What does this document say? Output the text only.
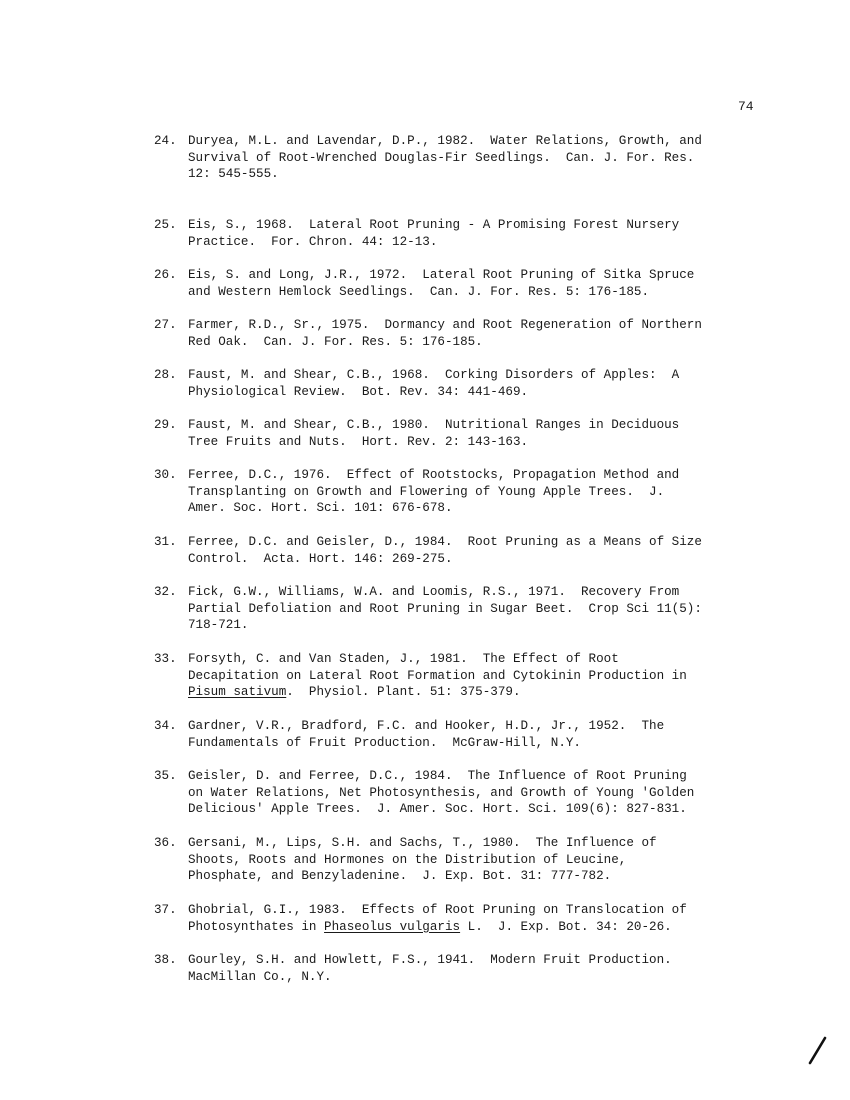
74
24. Duryea, M.L. and Lavendar, D.P., 1982.  Water Relations, Growth, and
Survival of Root-Wrenched Douglas-Fir Seedlings.  Can. J. For. Res.
12: 545-555.
25. Eis, S., 1968.  Lateral Root Pruning - A Promising Forest Nursery
Practice.  For. Chron. 44: 12-13.
26. Eis, S. and Long, J.R., 1972.  Lateral Root Pruning of Sitka Spruce
and Western Hemlock Seedlings.  Can. J. For. Res. 5: 176-185.
27. Farmer, R.D., Sr., 1975.  Dormancy and Root Regeneration of Northern
Red Oak.  Can. J. For. Res. 5: 176-185.
28. Faust, M. and Shear, C.B., 1968.  Corking Disorders of Apples:  A
Physiological Review.  Bot. Rev. 34: 441-469.
29. Faust, M. and Shear, C.B., 1980.  Nutritional Ranges in Deciduous
Tree Fruits and Nuts.  Hort. Rev. 2: 143-163.
30. Ferree, D.C., 1976.  Effect of Rootstocks, Propagation Method and
Transplanting on Growth and Flowering of Young Apple Trees.  J.
Amer. Soc. Hort. Sci. 101: 676-678.
31. Ferree, D.C. and Geisler, D., 1984.  Root Pruning as a Means of Size
Control.  Acta. Hort. 146: 269-275.
32. Fick, G.W., Williams, W.A. and Loomis, R.S., 1971.  Recovery From
Partial Defoliation and Root Pruning in Sugar Beet.  Crop Sci 11(5):
718-721.
33. Forsyth, C. and Van Staden, J., 1981.  The Effect of Root
Decapitation on Lateral Root Formation and Cytokinin Production in
Pisum sativum.  Physiol. Plant. 51: 375-379.
34. Gardner, V.R., Bradford, F.C. and Hooker, H.D., Jr., 1952.  The
Fundamentals of Fruit Production.  McGraw-Hill, N.Y.
35. Geisler, D. and Ferree, D.C., 1984.  The Influence of Root Pruning
on Water Relations, Net Photosynthesis, and Growth of Young 'Golden
Delicious' Apple Trees.  J. Amer. Soc. Hort. Sci. 109(6): 827-831.
36. Gersani, M., Lips, S.H. and Sachs, T., 1980.  The Influence of
Shoots, Roots and Hormones on the Distribution of Leucine,
Phosphate, and Benzyladenine.  J. Exp. Bot. 31: 777-782.
37. Ghobrial, G.I., 1983.  Effects of Root Pruning on Translocation of
Photosynthates in Phaseolus vulgaris L.  J. Exp. Bot. 34: 20-26.
38. Gourley, S.H. and Howlett, F.S., 1941.  Modern Fruit Production.
MacMillan Co., N.Y.
